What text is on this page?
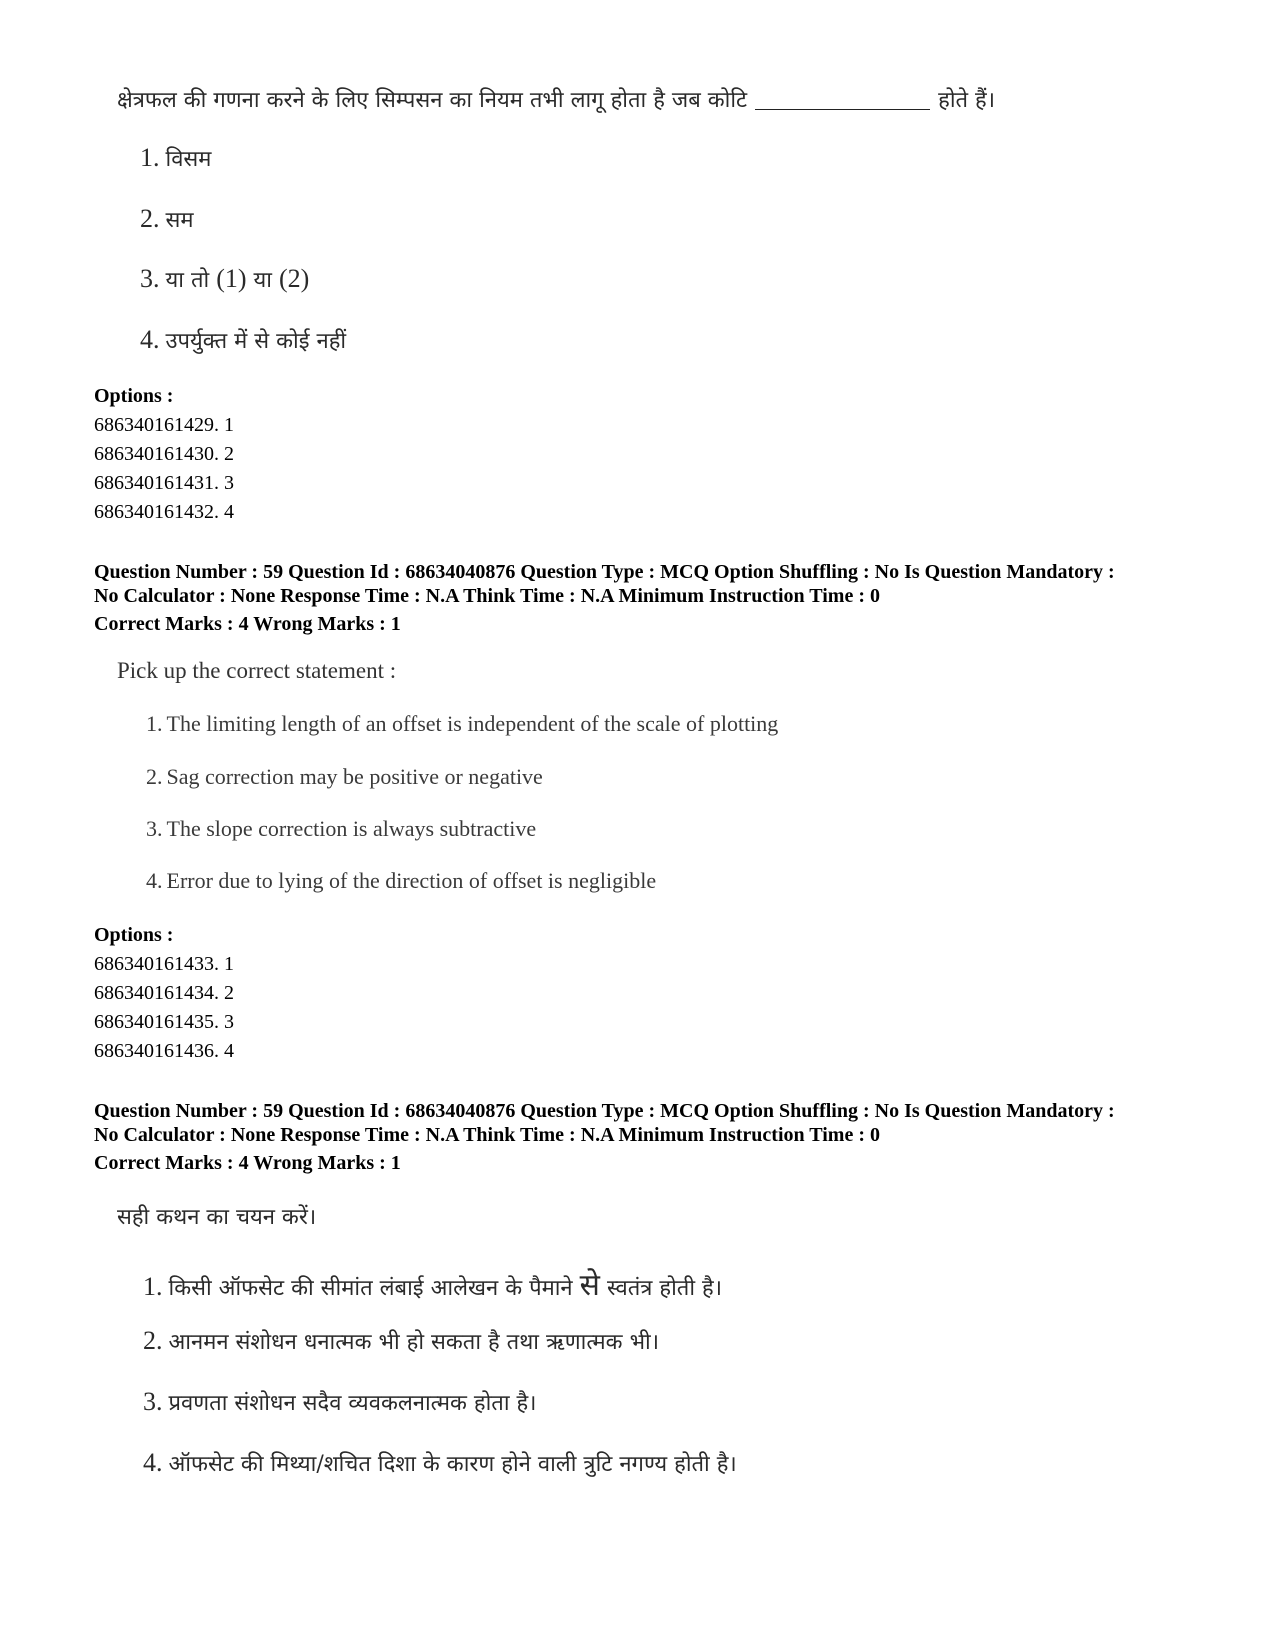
क्षेत्रफल की गणना करने के लिए सिम्पसन का नियम तभी लागू होता है जब कोटि	होते हैं।
1. विसम
2. सम
3. या तो (1) या (2)
4. उपर्युक्त में से कोई नहीं
Options :
686340161429. 1
686340161430. 2
686340161431. 3
686340161432. 4
Question Number : 59 Question Id : 68634040876 Question Type : MCQ Option Shuffling : No Is Question Mandatory :
No Calculator : None Response Time : N.A Think Time : N.A Minimum Instruction Time : 0
Correct Marks : 4 Wrong Marks : 1
Pick up the correct statement :
1. The limiting length of an offset is independent of the scale of plotting
2. Sag correction may be positive or negative
3. The slope correction is always subtractive
4. Error due to lying of the direction of offset is negligible
Options :
686340161433. 1
686340161434. 2
686340161435. 3
686340161436. 4
Question Number : 59 Question Id : 68634040876 Question Type : MCQ Option Shuffling : No Is Question Mandatory :
No Calculator : None Response Time : N.A Think Time : N.A Minimum Instruction Time : 0
Correct Marks : 4 Wrong Marks : 1
सही कथन का चयन करें।
1. किसी ऑफसेट की सीमांत लंबाई आलेखन के पैमाने से स्वतंत्र होती है।
2. आनमन संशोधन धनात्मक भी हो सकता है तथा ऋणात्मक भी।
3. प्रवणता संशोधन सदैव व्यवकलनात्मक होता है।
4. ऑफसेट की मिथ्या/शचित दिशा के कारण होने वाली त्रुटि नगण्य होती है।
